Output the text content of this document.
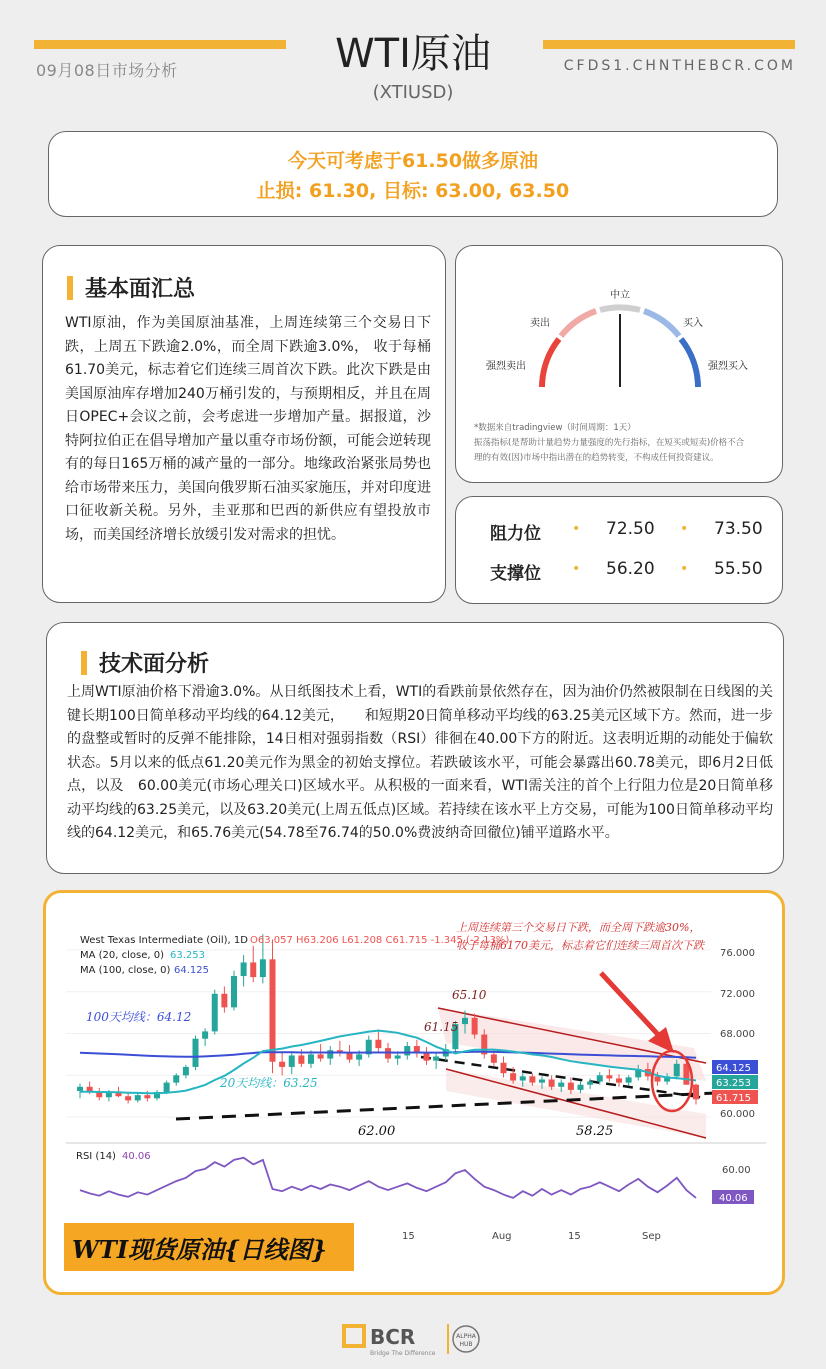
09月08日市场分析	WTI原油
(XTIUSD)
CFDS1.CHNTHEBCR.COM
今天可考虑于61.50做多原油
止损: 61.30, 目标: 63.00, 63.50
基本面汇总
WTI原油，作为美国原油基准，上周连续第三个交易日下跌，上周五下跌逾2.0%，而全周下跌逾3.0%， 收于每桶61.70美元，标志着它们连续三周首次下跌。此次下跌是由美国原油库存增加240万桶引发的，与预期相反，并且在周日OPEC+会议之前，会考虑进一步增加产量。据报道，沙特阿拉伯正在倡导增加产量以重夺市场份额，可能会逆转现有的每日165万桶的减产量的一部分。地缘政治紧张局势也给市场带来压力，美国向俄罗斯石油买家施压，并对印度进口征收新关税。另外，圭亚那和巴西的新供应有望投放市场，而美国经济增长放缓引发对需求的担忧。
中立
卖出	买入
强烈卖出	强烈买入
*数据来自tradingview（时间周期：1天）
振荡指标(是帮助计量趋势力量强度的先行指标，在短买或短卖)价格不合
理的有效(因)市场中指出潜在的趋势转变，不构成任何投资建议。
阻力位 • 72.50 • 73.50
支撑位 • 56.20 • 55.50
技术面分析
上周WTI原油价格下滑逾3.0%。从日纸图技术上看，WTI的看跌前景依然存在，因为油价仍然被限制在日线图的关键长期100日简单移动平均线的64.12美元，　　和短期20日简单移动平均线的63.25美元区域下方。然而，进一步的盘整或暂时的反弹不能排除，14日相对强弱指数（RSI）徘徊在40.00下方的附近。这表明近期的动能处于偏软状态。5月以来的低点61.20美元作为黑金的初始支撑位。若跌破该水平，可能会暴露出60.78美元，即6月2日低点，以及　60.00美元(市场心理关口)区域水平。从积极的一面来看，WTI需关注的首个上行阻力位是20日简单移动平均线的63.25美元，以及63.20美元(上周五低点)区域。若持续在该水平上方交易，可能为100日简单移动平均线的64.12美元，和65.76美元(54.78至76.74的50.0%费波纳奇回徹位)铺平道路水平。
West Texas Intermediate (Oil), 1D O63.057 H63.206 L61.208 C61.715 -1.345 (-2.13%)
MA (20, close, 0) 63.253
MA (100, close, 0) 64.125
上周连续第三个交易日下跌，而全周下跌逾30%，
收于每桶6170美元，标志着它们连续三周首次下跌
100天均线：64.12
20天均线：63.25
61.15
65.10
62.00	58.25
76.000
72.000
68.000
60.000
64.125
63.253
61.715
RSI (14) 40.06
60.00
40.06
15	Aug	15	Sep
WTI现货原油{日线图}
BCR
Bridge The Difference
ALPHA
HUB
